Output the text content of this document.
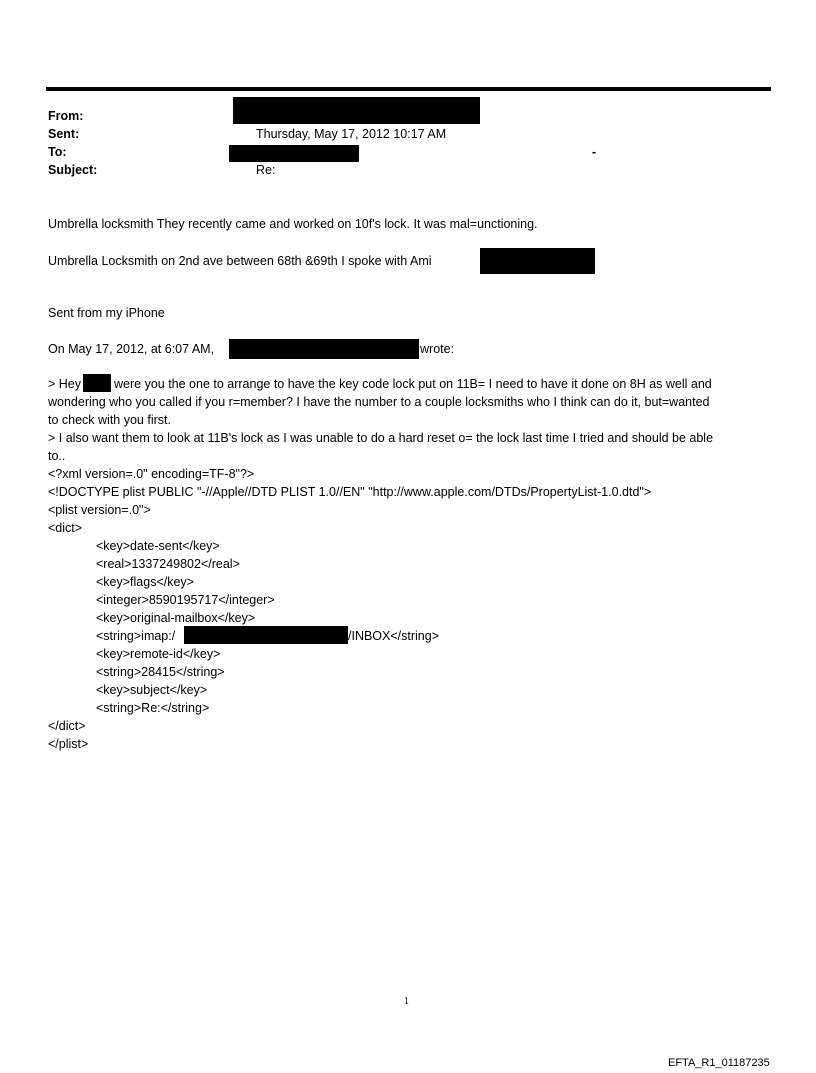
From:
Sent:	Thursday, May 17, 2012 10:17 AM
To:	-
Subject:	Re:
Umbrella locksmith They recently came and worked on 10f's lock. It was mal=unctioning.
Umbrella Locksmith on 2nd ave between 68th &69th I spoke with Ami
Sent from my iPhone
On May 17, 2012, at 6:07 AM,	wrote:
> Hey	were you the one to arrange to have the key code lock put on 11B= I need to have it done on 8H as well and
wondering who you called if you r=member? I have the number to a couple locksmiths who I think can do it, but=wanted
to check with you first.
> I also want them to look at 11B's lock as I was unable to do a hard reset o= the lock last time I tried and should be able
to..
<?xml version=.0" encoding=TF-8"?>
<!DOCTYPE plist PUBLIC "-//Apple//DTD PLIST 1.0//EN" "http://www.apple.com/DTDs/PropertyList-1.0.dtd">
<plist version=.0">
<dict>
<key>date-sent</key>
<real>1337249802</real>
<key>flags</key>
<integer>8590195717</integer>
<key>original-mailbox</key>
<string>imap:/	/INBOX</string>
<key>remote-id</key>
<string>28415</string>
<key>subject</key>
<string>Re:</string>
</dict>
</plist>
1
EFTA_R1_01187235
